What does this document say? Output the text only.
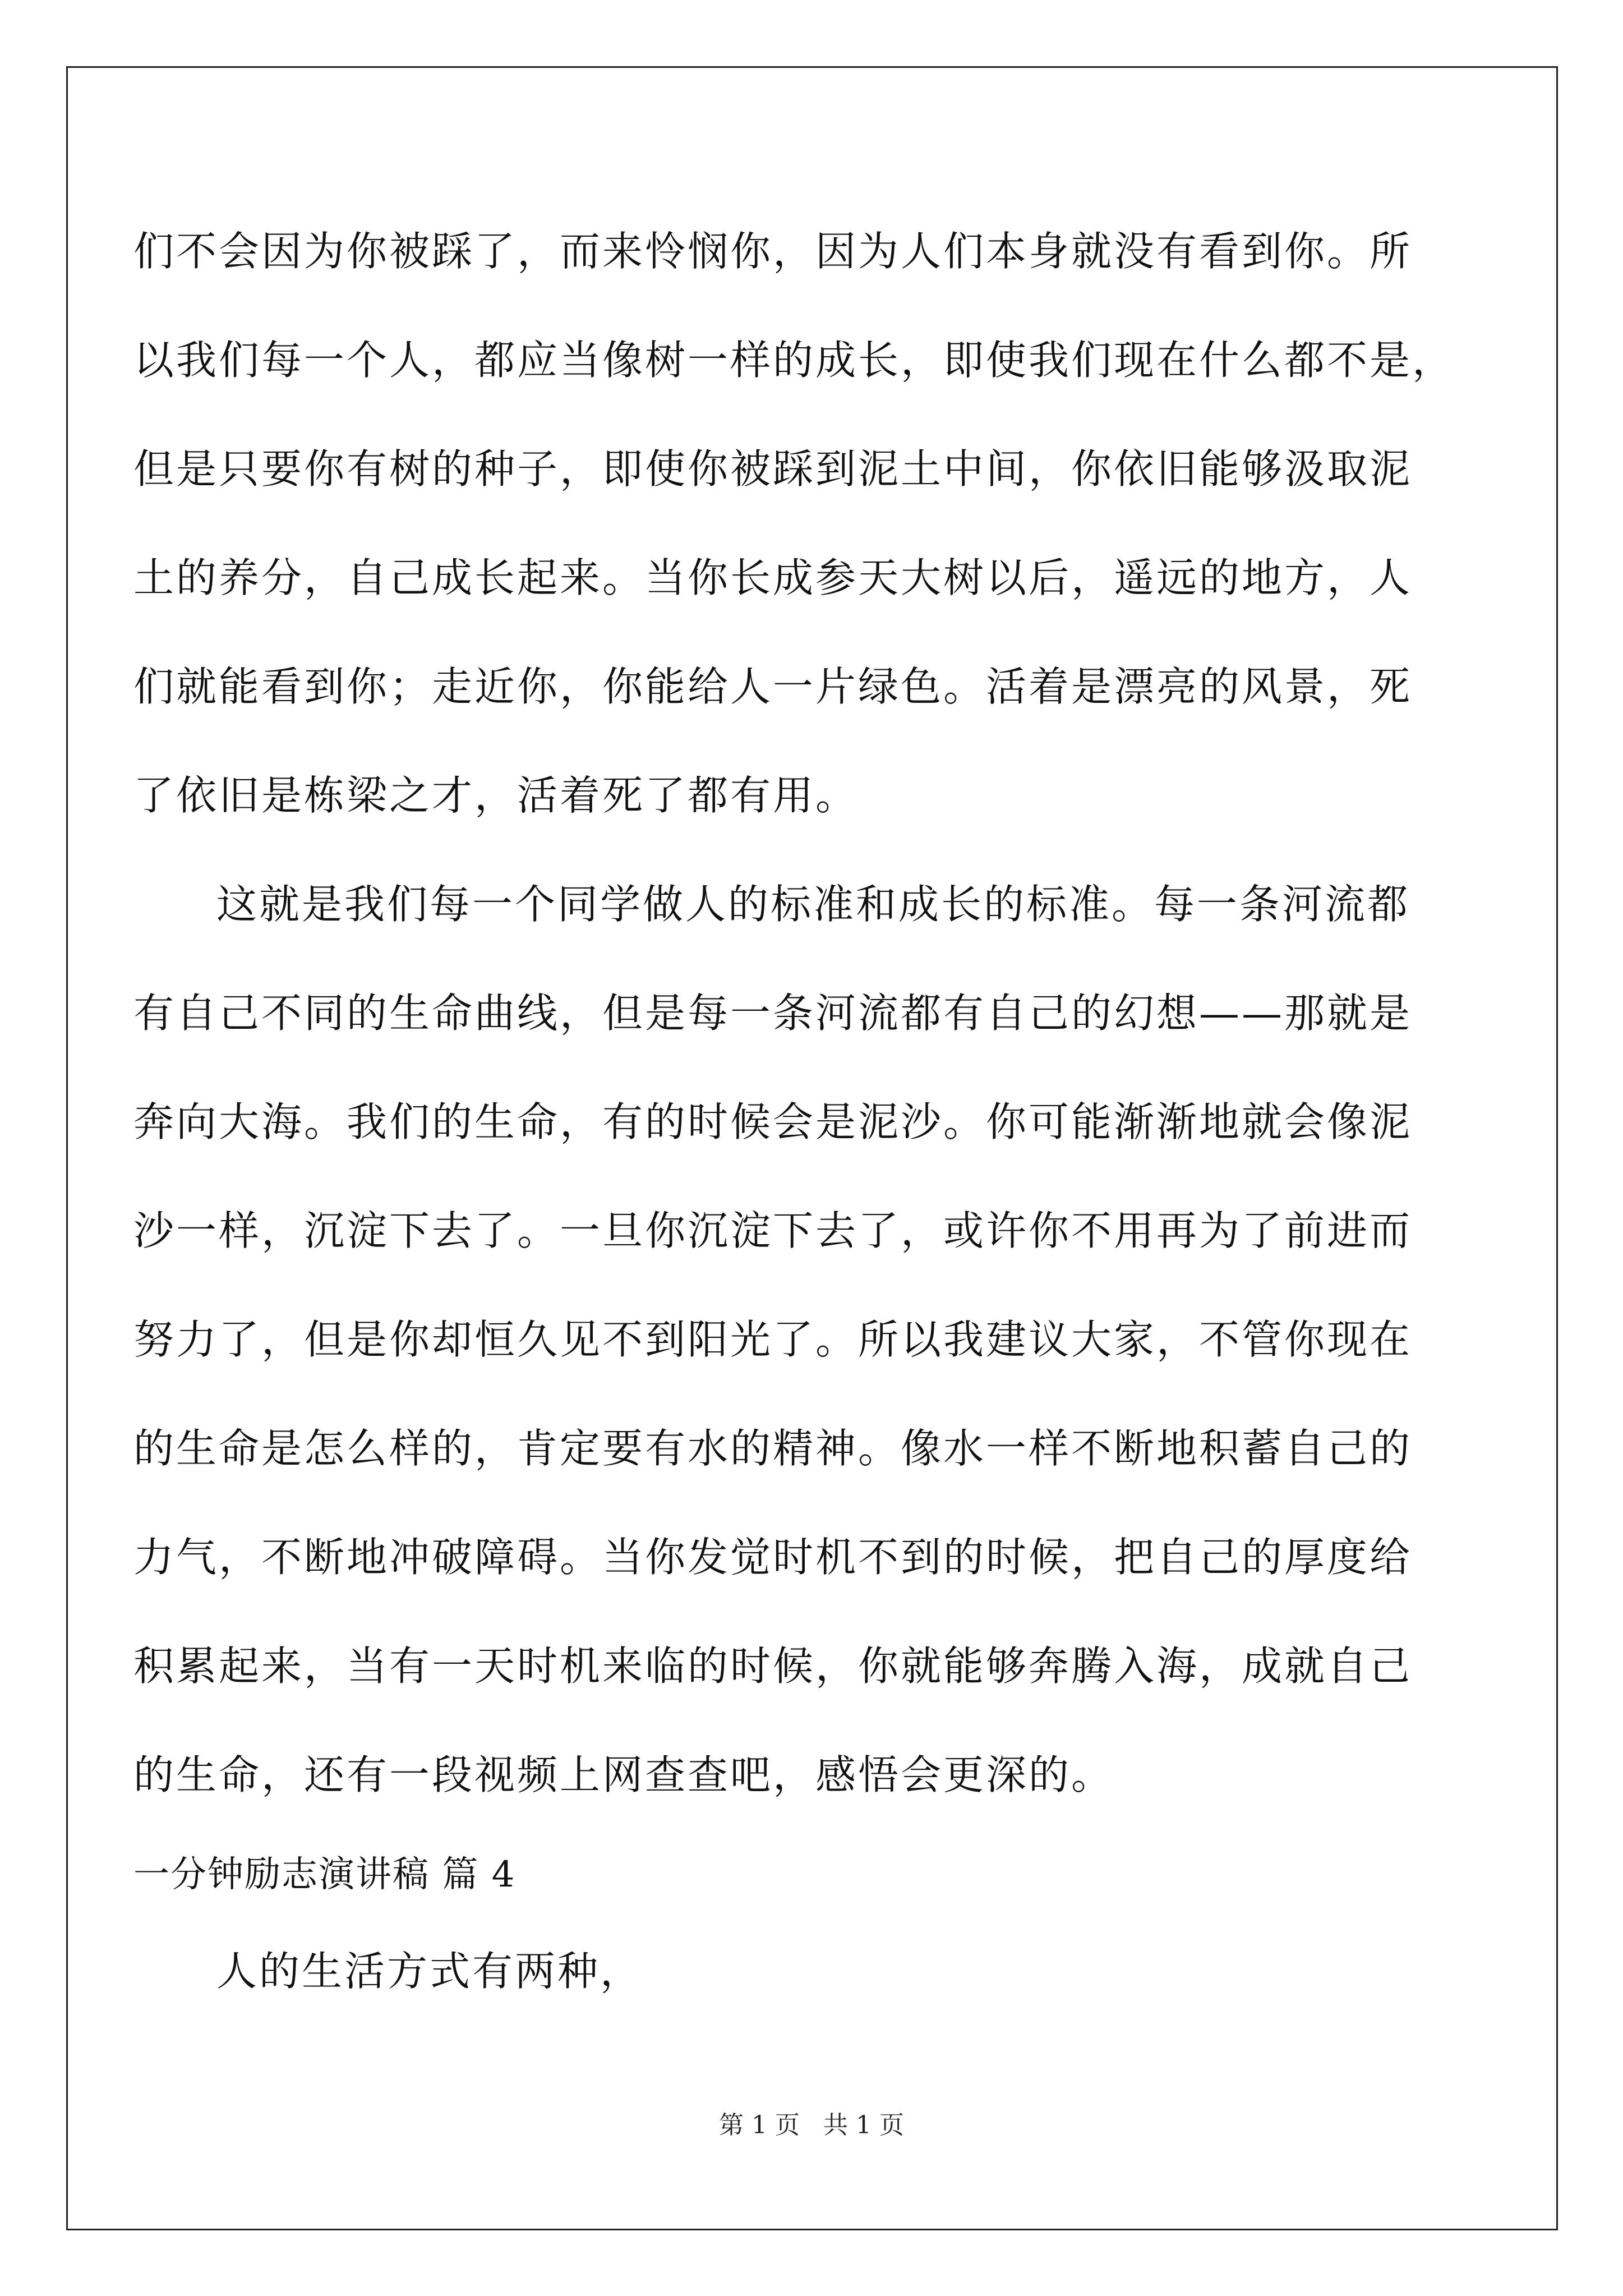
们不会因为你被踩了，而来怜悯你，因为人们本身就没有看到你。所
以我们每一个人，都应当像树一样的成长，即使我们现在什么都不是，
但是只要你有树的种子，即使你被踩到泥土中间，你依旧能够汲取泥
土的养分，自己成长起来。当你长成参天大树以后，遥远的地方，人
们就能看到你；走近你，你能给人一片绿色。活着是漂亮的风景，死
了依旧是栋梁之才，活着死了都有用。
这就是我们每一个同学做人的标准和成长的标准。每一条河流都
有自己不同的生命曲线，但是每一条河流都有自己的幻想——那就是
奔向大海。我们的生命，有的时候会是泥沙。你可能渐渐地就会像泥
沙一样，沉淀下去了。一旦你沉淀下去了，或许你不用再为了前进而
努力了，但是你却恒久见不到阳光了。所以我建议大家，不管你现在
的生命是怎么样的，肯定要有水的精神。像水一样不断地积蓄自己的
力气，不断地冲破障碍。当你发觉时机不到的时候，把自己的厚度给
积累起来，当有一天时机来临的时候，你就能够奔腾入海，成就自己
的生命，还有一段视频上网查查吧，感悟会更深的。
一分钟励志演讲稿 篇 4
人的生活方式有两种，
第 1 页 共 1 页
